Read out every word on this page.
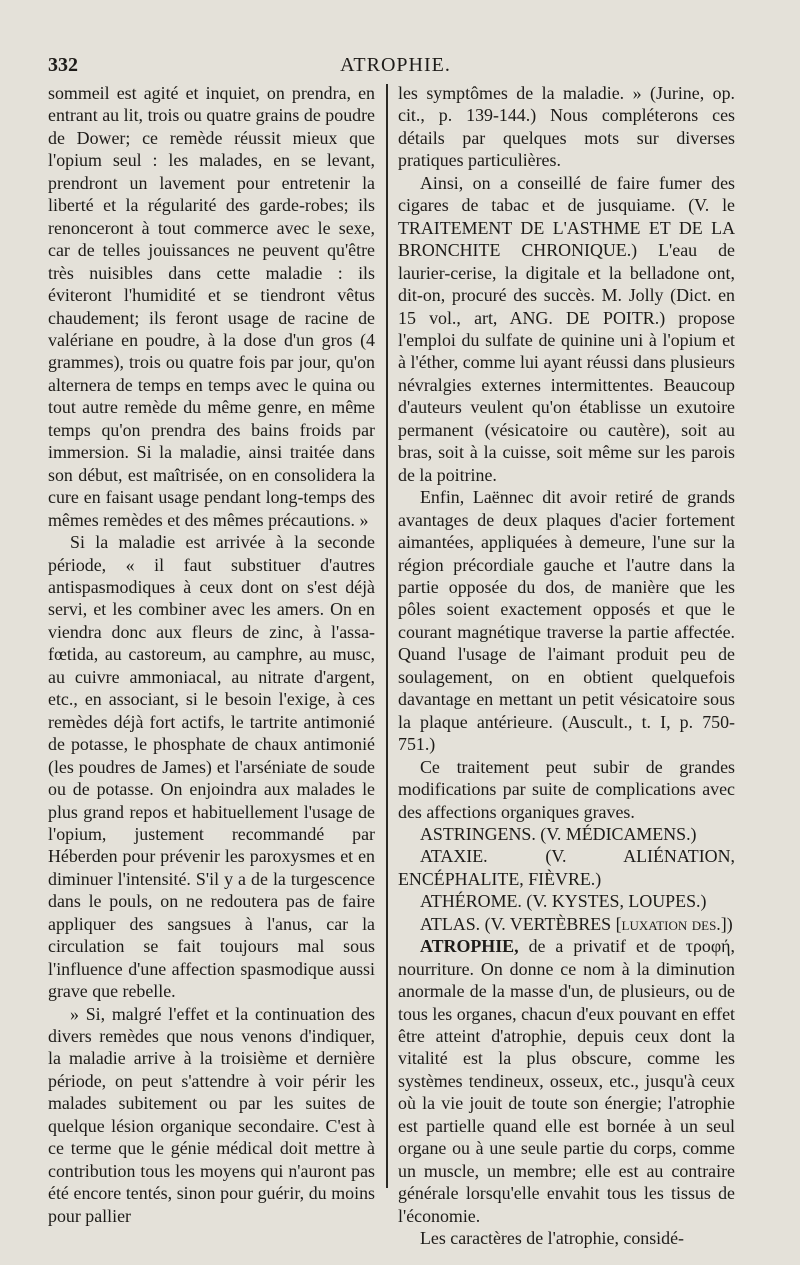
332	ATROPHIE.

sommeil est agité et inquiet, on prendra, en entrant au lit, trois ou quatre grains de poudre de Dower; ce remède réussit mieux que l'opium seul : les malades, en se levant, prendront un lavement pour entretenir la liberté et la régularité des garde-robes; ils renonceront à tout commerce avec le sexe, car de telles jouissances ne peuvent qu'être très nuisibles dans cette maladie : ils éviteront l'humidité et se tiendront vêtus chaudement; ils feront usage de racine de valériane en poudre, à la dose d'un gros (4 grammes), trois ou quatre fois par jour, qu'on alternera de temps en temps avec le quina ou tout autre remède du même genre, en même temps qu'on prendra des bains froids par immersion. Si la maladie, ainsi traitée dans son début, est maîtrisée, on en consolidera la cure en faisant usage pendant long-temps des mêmes remèdes et des mêmes précautions. »

Si la maladie est arrivée à la seconde période, « il faut substituer d'autres antispasmodiques à ceux dont on s'est déjà servi, et les combiner avec les amers. On en viendra donc aux fleurs de zinc, à l'assa-fœtida, au castoreum, au camphre, au musc, au cuivre ammoniacal, au nitrate d'argent, etc., en associant, si le besoin l'exige, à ces remèdes déjà fort actifs, le tartrite antimonié de potasse, le phosphate de chaux antimonié (les poudres de James) et l'arséniate de soude ou de potasse. On enjoindra aux malades le plus grand repos et habituellement l'usage de l'opium, justement recommandé par Héberden pour prévenir les paroxysmes et en diminuer l'intensité. S'il y a de la turgescence dans le pouls, on ne redoutera pas de faire appliquer des sangsues à l'anus, car la circulation se fait toujours mal sous l'influence d'une affection spasmodique aussi grave que rebelle.

» Si, malgré l'effet et la continuation des divers remèdes que nous venons d'indiquer, la maladie arrive à la troisième et dernière période, on peut s'attendre à voir périr les malades subitement ou par les suites de quelque lésion organique secondaire. C'est à ce terme que le génie médical doit mettre à contribution tous les moyens qui n'auront pas été encore tentés, sinon pour guérir, du moins pour pallier

les symptômes de la maladie. » (Jurine, op. cit., p. 139-144.) Nous compléterons ces détails par quelques mots sur diverses pratiques particulières.

Ainsi, on a conseillé de faire fumer des cigares de tabac et de jusquiame. (V. le TRAITEMENT DE L'ASTHME ET DE LA BRONCHITE CHRONIQUE.) L'eau de laurier-cerise, la digitale et la belladone ont, dit-on, procuré des succès. M. Jolly (Dict. en 15 vol., art, ANG. DE POITR.) propose l'emploi du sulfate de quinine uni à l'opium et à l'éther, comme lui ayant réussi dans plusieurs névralgies externes intermittentes. Beaucoup d'auteurs veulent qu'on établisse un exutoire permanent (vésicatoire ou cautère), soit au bras, soit à la cuisse, soit même sur les parois de la poitrine.

Enfin, Laënnec dit avoir retiré de grands avantages de deux plaques d'acier fortement aimantées, appliquées à demeure, l'une sur la région précordiale gauche et l'autre dans la partie opposée du dos, de manière que les pôles soient exactement opposés et que le courant magnétique traverse la partie affectée. Quand l'usage de l'aimant produit peu de soulagement, on en obtient quelquefois davantage en mettant un petit vésicatoire sous la plaque antérieure. (Auscult., t. I, p. 750-751.)

Ce traitement peut subir de grandes modifications par suite de complications avec des affections organiques graves.

ASTRINGENS. (V. MÉDICAMENS.)

ATAXIE.	(V. ALIÉNATION, ENCÉPHALITE, FIÈVRE.)

ATHÉROME. (V. KYSTES, LOUPES.)

ATLAS. (V. VERTÈBRES [luxation des.])

ATROPHIE, de a privatif et de τροφή, nourriture. On donne ce nom à la diminution anormale de la masse d'un, de plusieurs, ou de tous les organes, chacun d'eux pouvant en effet être atteint d'atrophie, depuis ceux dont la vitalité est la plus obscure, comme les systèmes tendineux, osseux, etc., jusqu'à ceux où la vie jouit de toute son énergie; l'atrophie est partielle quand elle est bornée à un seul organe ou à une seule partie du corps, comme un muscle, un membre; elle est au contraire générale lorsqu'elle envahit tous les tissus de l'économie.

Les caractères de l'atrophie, considé-
